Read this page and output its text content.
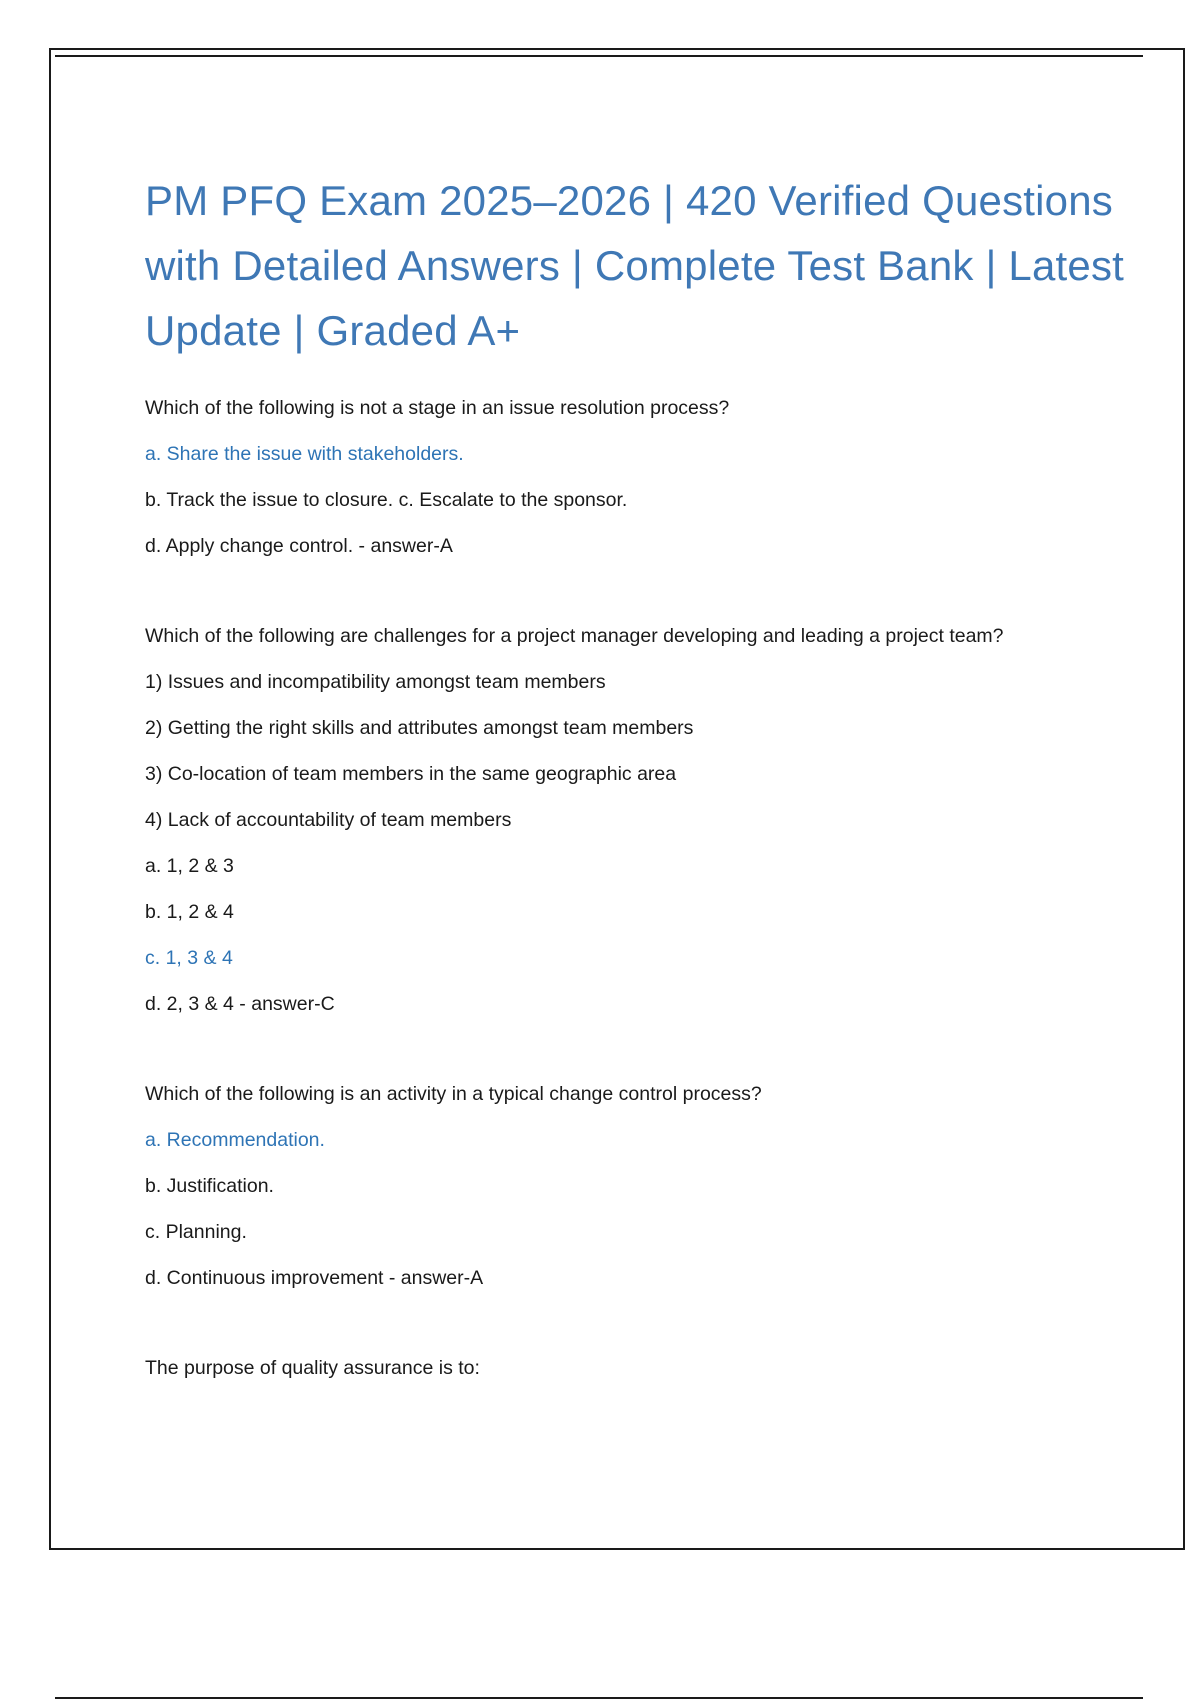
PM PFQ Exam 2025–2026 | 420 Verified Questions with Detailed Answers | Complete Test Bank | Latest Update | Graded A+
Which of the following is not a stage in an issue resolution process?
a. Share the issue with stakeholders.
b. Track the issue to closure. c. Escalate to the sponsor.
d. Apply change control. - answer-A
Which of the following are challenges for a project manager developing and leading a project team?
1) Issues and incompatibility amongst team members
2) Getting the right skills and attributes amongst team members
3) Co-location of team members in the same geographic area
4) Lack of accountability of team members
a. 1, 2 & 3
b. 1, 2 & 4
c. 1, 3 & 4
d. 2, 3 & 4 - answer-C
Which of the following is an activity in a typical change control process?
a. Recommendation.
b. Justification.
c. Planning.
d. Continuous improvement - answer-A
The purpose of quality assurance is to:
